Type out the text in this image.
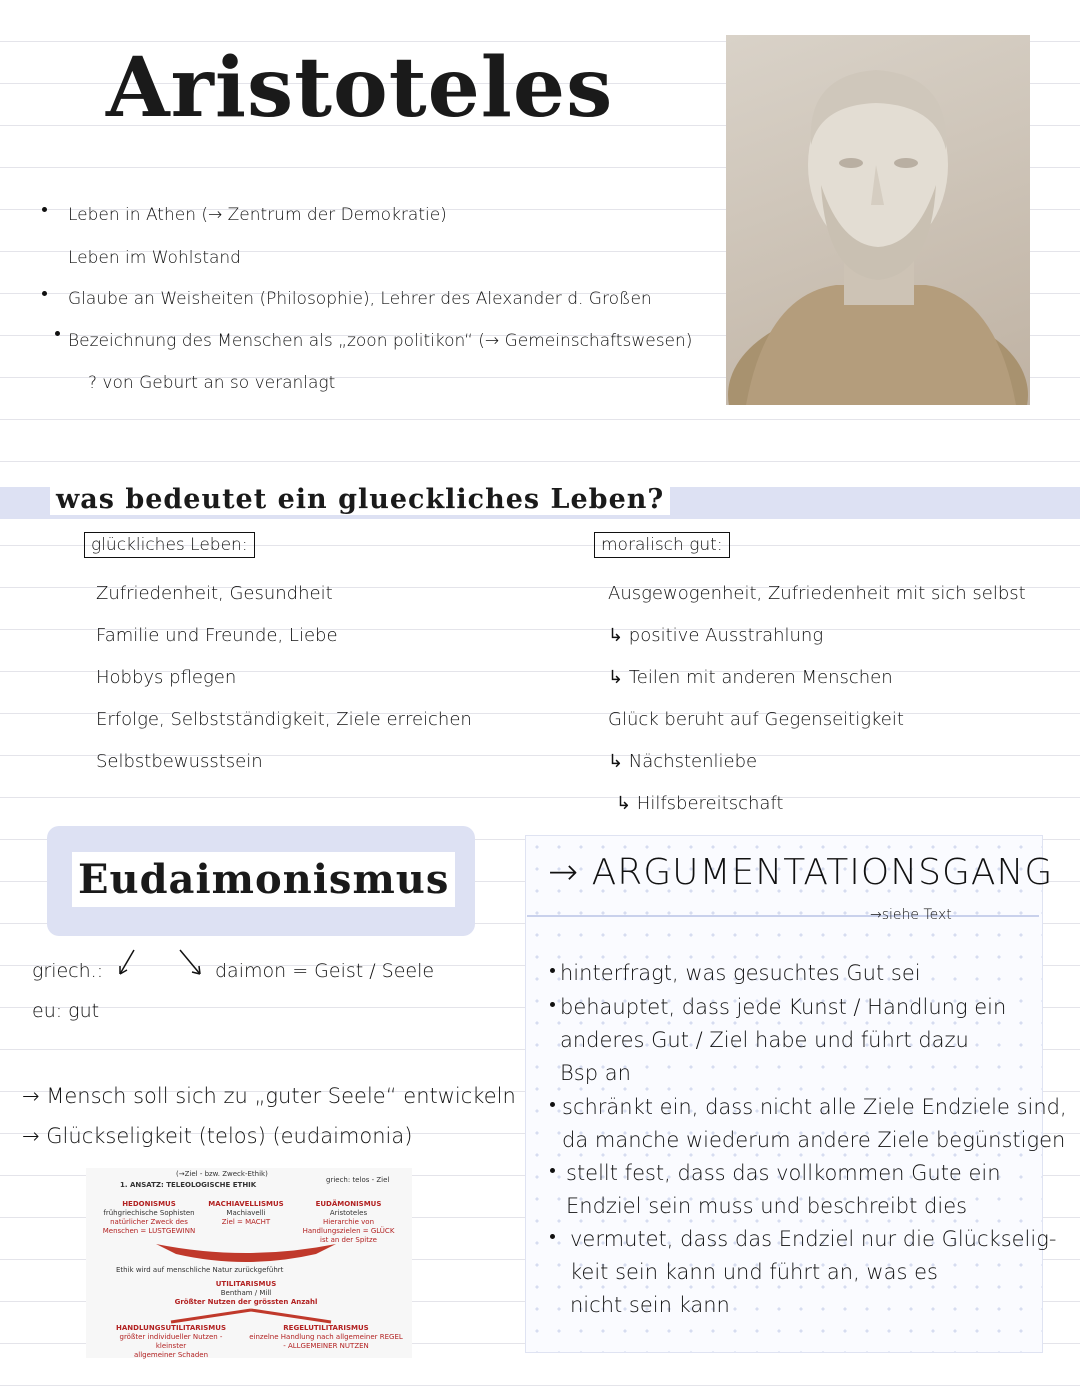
Aristoteles
Leben in Athen (→ Zentrum der Demokratie)
Leben im Wohlstand
Glaube an Weisheiten (Philosophie), Lehrer des Alexander d. Großen
Bezeichnung des Menschen als „zoon politikon“ (→ Gemeinschaftswesen)
? von Geburt an so veranlagt
was bedeutet ein glueckliches Leben?
glückliches Leben:
Zufriedenheit, Gesundheit
Familie und Freunde, Liebe
Hobbys pflegen
Erfolge, Selbstständigkeit, Ziele erreichen
Selbstbewusstsein
moralisch gut:
Ausgewogenheit, Zufriedenheit mit sich selbst
↳ positive Ausstrahlung
↳ Teilen mit anderen Menschen
Glück beruht auf Gegenseitigkeit
↳ Nächstenliebe
↳ Hilfsbereitschaft
Eudaimonismus
griech.:
eu: gut
daimon = Geist / Seele
→ Mensch soll sich zu „guter Seele“ entwickeln
→ Glückseligkeit (telos) (eudaimonia)
(→Ziel - bzw. Zweck-Ethik)
1. ANSATZ: TELEOLOGISCHE ETHIK
griech: telos - Ziel
HEDONISMUS
frühgriechische Sophisten
natürlicher Zweck des
Menschen = LUSTGEWINN
MACHIAVELLISMUS
Machiavelli
Ziel = MACHT
EUDÄMONISMUS
Aristoteles
Hierarchie von
Handlungszielen = GLÜCK
ist an der Spitze
Ethik wird auf menschliche Natur zurückgeführt
UTILITARISMUS
Bentham / Mill
Größter Nutzen der grössten Anzahl
HANDLUNGSUTILITARISMUS
größter individueller Nutzen - kleinster
allgemeiner Schaden
REGELUTILITARISMUS
einzelne Handlung nach allgemeiner REGEL
- ALLGEMEINER NUTZEN
→ ARGUMENTATIONSGANG
→siehe Text
hinterfragt, was gesuchtes Gut sei
behauptet, dass jede Kunst / Handlung ein
anderes Gut / Ziel habe und führt dazu
Bsp an
schränkt ein, dass nicht alle Ziele Endziele sind,
da manche wiederum andere Ziele begünstigen
stellt fest, dass das vollkommen Gute ein
Endziel sein muss und beschreibt dies
vermutet, dass das Endziel nur die Glückselig-
keit sein kann und führt an, was es
nicht sein kann
